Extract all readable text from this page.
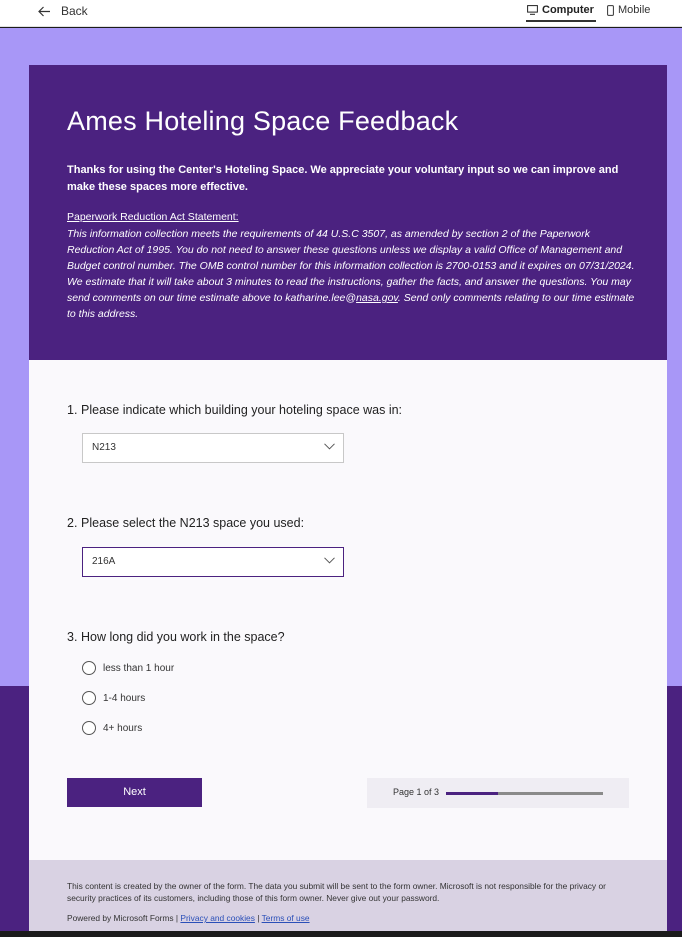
Back	Computer Mobile
Ames Hoteling Space Feedback

Thanks for using the Center's Hoteling Space. We appreciate your voluntary input so we can improve and make these spaces more effective.

Paperwork Reduction Act Statement:

This information collection meets the requirements of 44 U.S.C 3507, as amended by section 2 of the Paperwork Reduction Act of 1995. You do not need to answer these questions unless we display a valid Office of Management and Budget control number. The OMB control number for this information collection is 2700-0153 and it expires on 07/31/2024. We estimate that it will take about 3 minutes to read the instructions, gather the facts, and answer the questions. You may send comments on our time estimate above to katharine.lee@nasa.gov. Send only comments relating to our time estimate to this address.

1. Please indicate which building your hoteling space was in:
N213
2. Please select the N213 space you used:
216A
3. How long did you work in the space?
less than 1 hour
1-4 hours
4+ hours
Next	Page 1 of 3

This content is created by the owner of the form. The data you submit will be sent to the form owner. Microsoft is not responsible for the privacy or security practices of its customers, including those of this form owner. Never give out your password.

Powered by Microsoft Forms | Privacy and cookies | Terms of use
